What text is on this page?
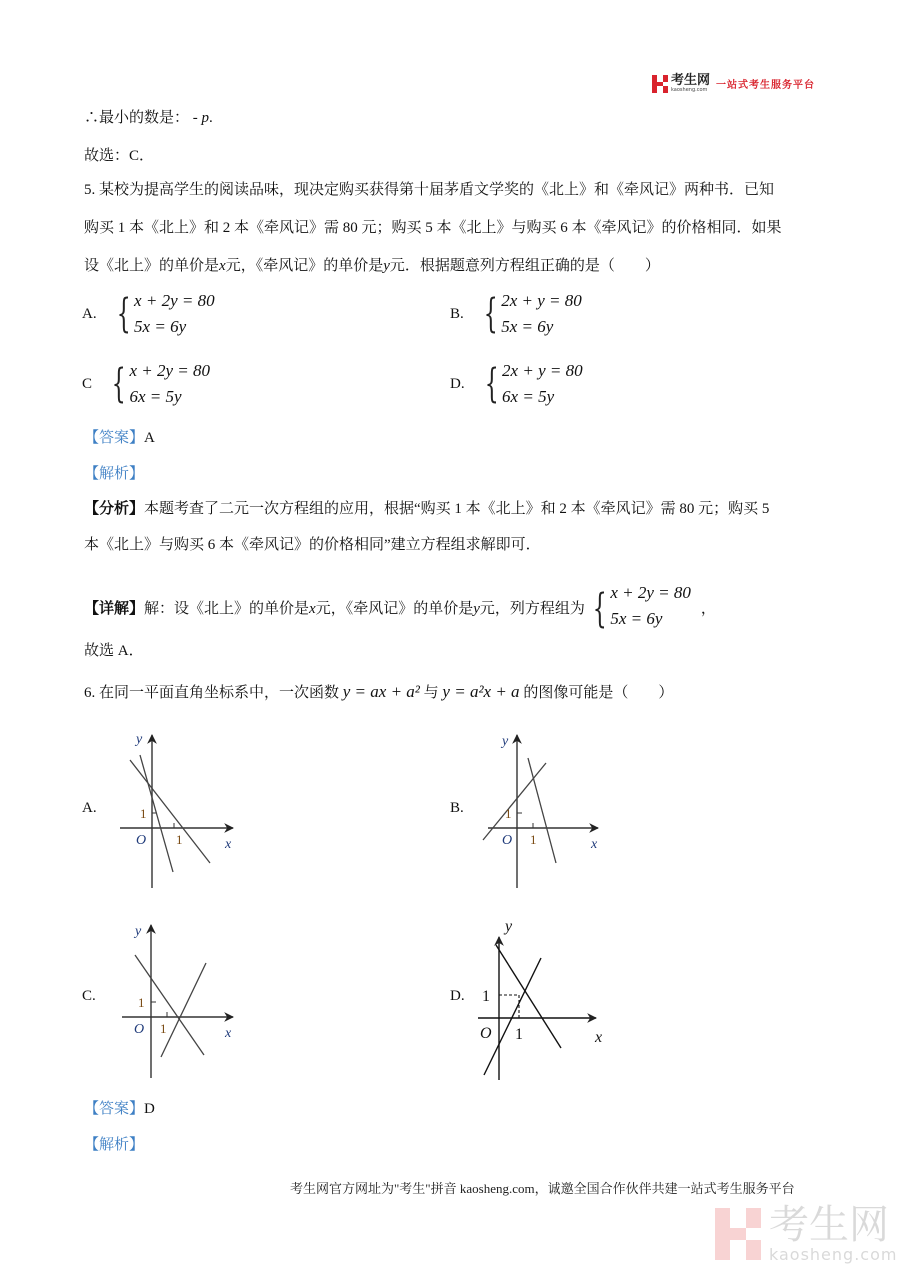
考生网
kaosheng.com 一站式考生服务平台
∴最小的数是： - p.
故选：C．
5. 某校为提高学生的阅读品味，现决定购买获得第十届茅盾文学奖的《北上》和《牵风记》两种书．已知
购买 1 本《北上》和 2 本《牵风记》需 80 元；购买 5 本《北上》与购买 6 本《牵风记》的价格相同．如果
设《北上》的单价是x元，《牵风记》的单价是y元．根据题意列方程组正确的是（　　）
A. { x + 2y = 80
5x = 6y
B. { 2x + y = 80
5x = 6y
C { x + 2y = 80
6x = 5y
D. { 2x + y = 80
6x = 5y
【答案】A
【解析】
【分析】本题考查了二元一次方程组的应用，根据“购买 1 本《北上》和 2 本《牵风记》需 80 元；购买 5
本《北上》与购买 6 本《牵风记》的价格相同”建立方程组求解即可．
【详解】 解：设《北上》的单价是 x 元，《牵风记》的单价是 y 元，列方程组为 { x + 2y = 80
5x = 6y	，
故选 A．
6. 在同一平面直角坐标系中，一次函数 y = ax + a² 与 y = a²x + a 的图像可能是（　　）
A.	B.
C.	D.
y
x
O
1
1
y
x
O
1
1
y
x
O
1
1
y
x
O
1
1
【答案】D
【解析】
考生网官方网址为"考生"拼音 kaosheng.com，诚邀全国合作伙伴共建一站式考生服务平台
考生网
kaosheng.com
